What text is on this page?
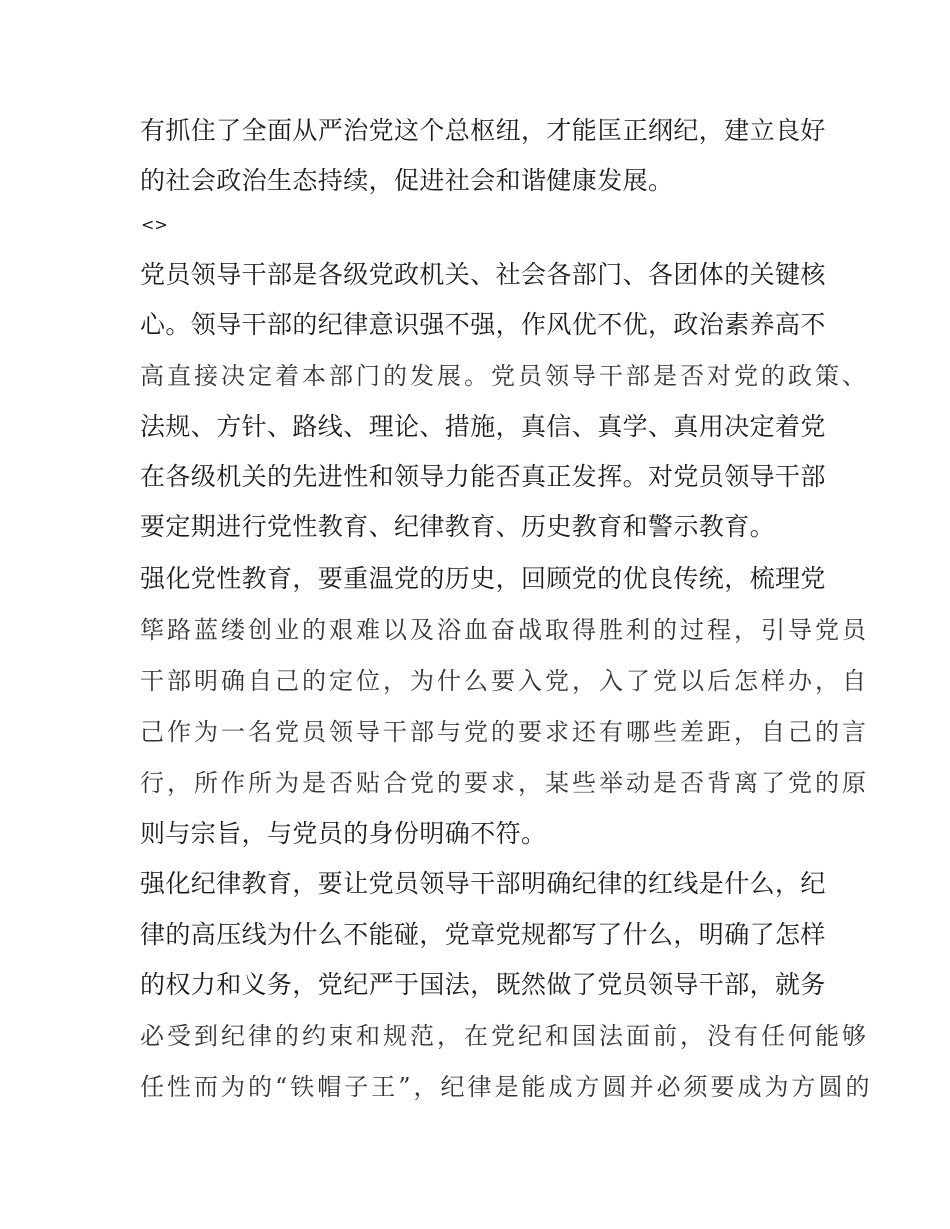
有抓住了全面从严治党这个总枢纽，才能匡正纲纪，建立良好
的社会政治生态持续，促进社会和谐健康发展。
<>
党员领导干部是各级党政机关、社会各部门、各团体的关键核
心。领导干部的纪律意识强不强，作风优不优，政治素养高不
高直接决定着本部门的发展。党员领导干部是否对党的政策、
法规、方针、路线、理论、措施，真信、真学、真用决定着党
在各级机关的先进性和领导力能否真正发挥。对党员领导干部
要定期进行党性教育、纪律教育、历史教育和警示教育。
强化党性教育，要重温党的历史，回顾党的优良传统，梳理党
筚路蓝缕创业的艰难以及浴血奋战取得胜利的过程，引导党员
干部明确自己的定位，为什么要入党，入了党以后怎样办，自
己作为一名党员领导干部与党的要求还有哪些差距，自己的言
行，所作所为是否贴合党的要求，某些举动是否背离了党的原
则与宗旨，与党员的身份明确不符。
强化纪律教育，要让党员领导干部明确纪律的红线是什么，纪
律的高压线为什么不能碰，党章党规都写了什么，明确了怎样
的权力和义务，党纪严于国法，既然做了党员领导干部，就务
必受到纪律的约束和规范，在党纪和国法面前，没有任何能够
任性而为的“铁帽子王”，纪律是能成方圆并必须要成为方圆的
